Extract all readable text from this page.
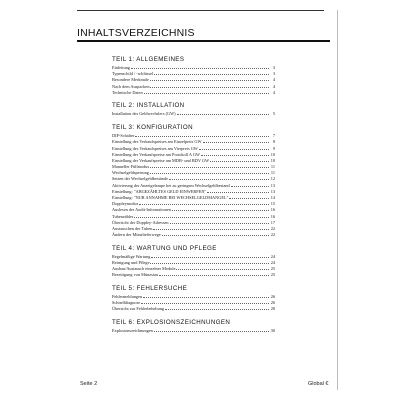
INHALTSVERZEICHNIS
TEIL 1: ALLGEMEINES
Einleitung	3
Typenschild / -schlüssel	3
Besondere Merkmale	4
Nach dem Auspacken	4
Technische Daten	4
TEIL 2: INSTALLATION
Installation des Geldwechslers (GW)	5
TEIL 3: KONFIGURATION
DIP-Schalter	7
Einstellung des Verkaufspreises am Einzelpreis GW	8
Einstellung des Verkaufspreises am Vierpreis GW	9
Einstellung der Verkaufspreise am Protokoll A GW	10
Einstellung der Verkaufspreise am MDB- und BDV GW	10
Manueller Füllmodus	11
Wechselgeldsperrung	11
Setzen der Wechselgeldbestände	12
Aktivierung der Anzeigelampe bei zu geringem Wechselgeldbestand	13
Einstellung: "ABGEZÄHLTES GELD EINWERFEN"	13
Einstellung: "NUR ANNAHME BEI WECHSELGELDMANGEL"	14
Doppleymodus	15
Auslesen der Audit-Informationen	16
Tubenzähler	16
Übersicht der Doppley-Adressen	17
Austauschen der Tuben	22
Ändern der Münzlieferwege	22
TEIL 4: WARTUNG UND PFLEGE
Regelmäßige Wartung	24
Reinigung und Pflege	24
Ausbau/Austausch einzelner Module	25
Beseitigung von Münzstau	25
TEIL 5: FEHLERSUCHE
Fehlermeldungen	26
Schnelldiagnose	26
Übersicht zur Fehlerbehebung	28
TEIL 6: EXPLOSIONSZEICHNUNGEN
Explosionszeichnungen	30
Seite 2	Global €
